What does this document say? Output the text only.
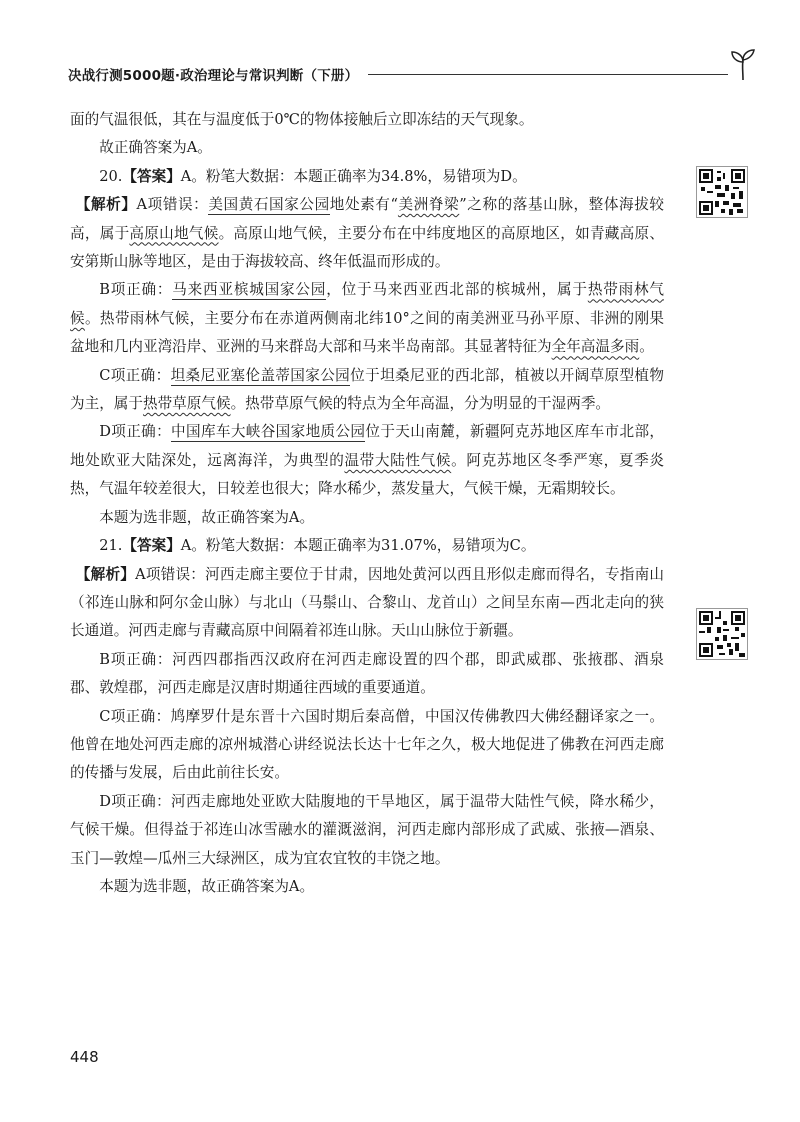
决战行测5000题·政治理论与常识判断（下册）

面的气温很低，其在与温度低于0℃的物体接触后立即冻结的天气现象。

故正确答案为A。

20.【答案】A。粉笔大数据：本题正确率为34.8%，易错项为D。

【解析】A项错误：美国黄石国家公园地处素有“美洲脊梁”之称的落基山脉，整体海拔较高，属于高原山地气候。高原山地气候，主要分布在中纬度地区的高原地区，如青藏高原、安第斯山脉等地区，是由于海拔较高、终年低温而形成的。

B项正确：马来西亚槟城国家公园，位于马来西亚西北部的槟城州，属于热带雨林气候。热带雨林气候，主要分布在赤道两侧南北纬10°之间的南美洲亚马孙平原、非洲的刚果盆地和几内亚湾沿岸、亚洲的马来群岛大部和马来半岛南部。其显著特征为全年高温多雨。

C项正确：坦桑尼亚塞伦盖蒂国家公园位于坦桑尼亚的西北部，植被以开阔草原型植物为主，属于热带草原气候。热带草原气候的特点为全年高温，分为明显的干湿两季。

D项正确：中国库车大峡谷国家地质公园位于天山南麓，新疆阿克苏地区库车市北部，地处欧亚大陆深处，远离海洋，为典型的温带大陆性气候。阿克苏地区冬季严寒，夏季炎热，气温年较差很大，日较差也很大；降水稀少，蒸发量大，气候干燥，无霜期较长。

本题为选非题，故正确答案为A。

21.【答案】A。粉笔大数据：本题正确率为31.07%，易错项为C。

【解析】A项错误：河西走廊主要位于甘肃，因地处黄河以西且形似走廊而得名，专指南山（祁连山脉和阿尔金山脉）与北山（马鬃山、合黎山、龙首山）之间呈东南—西北走向的狭长通道。河西走廊与青藏高原中间隔着祁连山脉。天山山脉位于新疆。

B项正确：河西四郡指西汉政府在河西走廊设置的四个郡，即武威郡、张掖郡、酒泉郡、敦煌郡，河西走廊是汉唐时期通往西域的重要通道。

C项正确：鸠摩罗什是东晋十六国时期后秦高僧，中国汉传佛教四大佛经翻译家之一。他曾在地处河西走廊的凉州城潜心讲经说法长达十七年之久，极大地促进了佛教在河西走廊的传播与发展，后由此前往长安。

D项正确：河西走廊地处亚欧大陆腹地的干旱地区，属于温带大陆性气候，降水稀少，气候干燥。但得益于祁连山冰雪融水的灌溉滋润，河西走廊内部形成了武威、张掖—酒泉、玉门—敦煌—瓜州三大绿洲区，成为宜农宜牧的丰饶之地。

本题为选非题，故正确答案为A。

448
